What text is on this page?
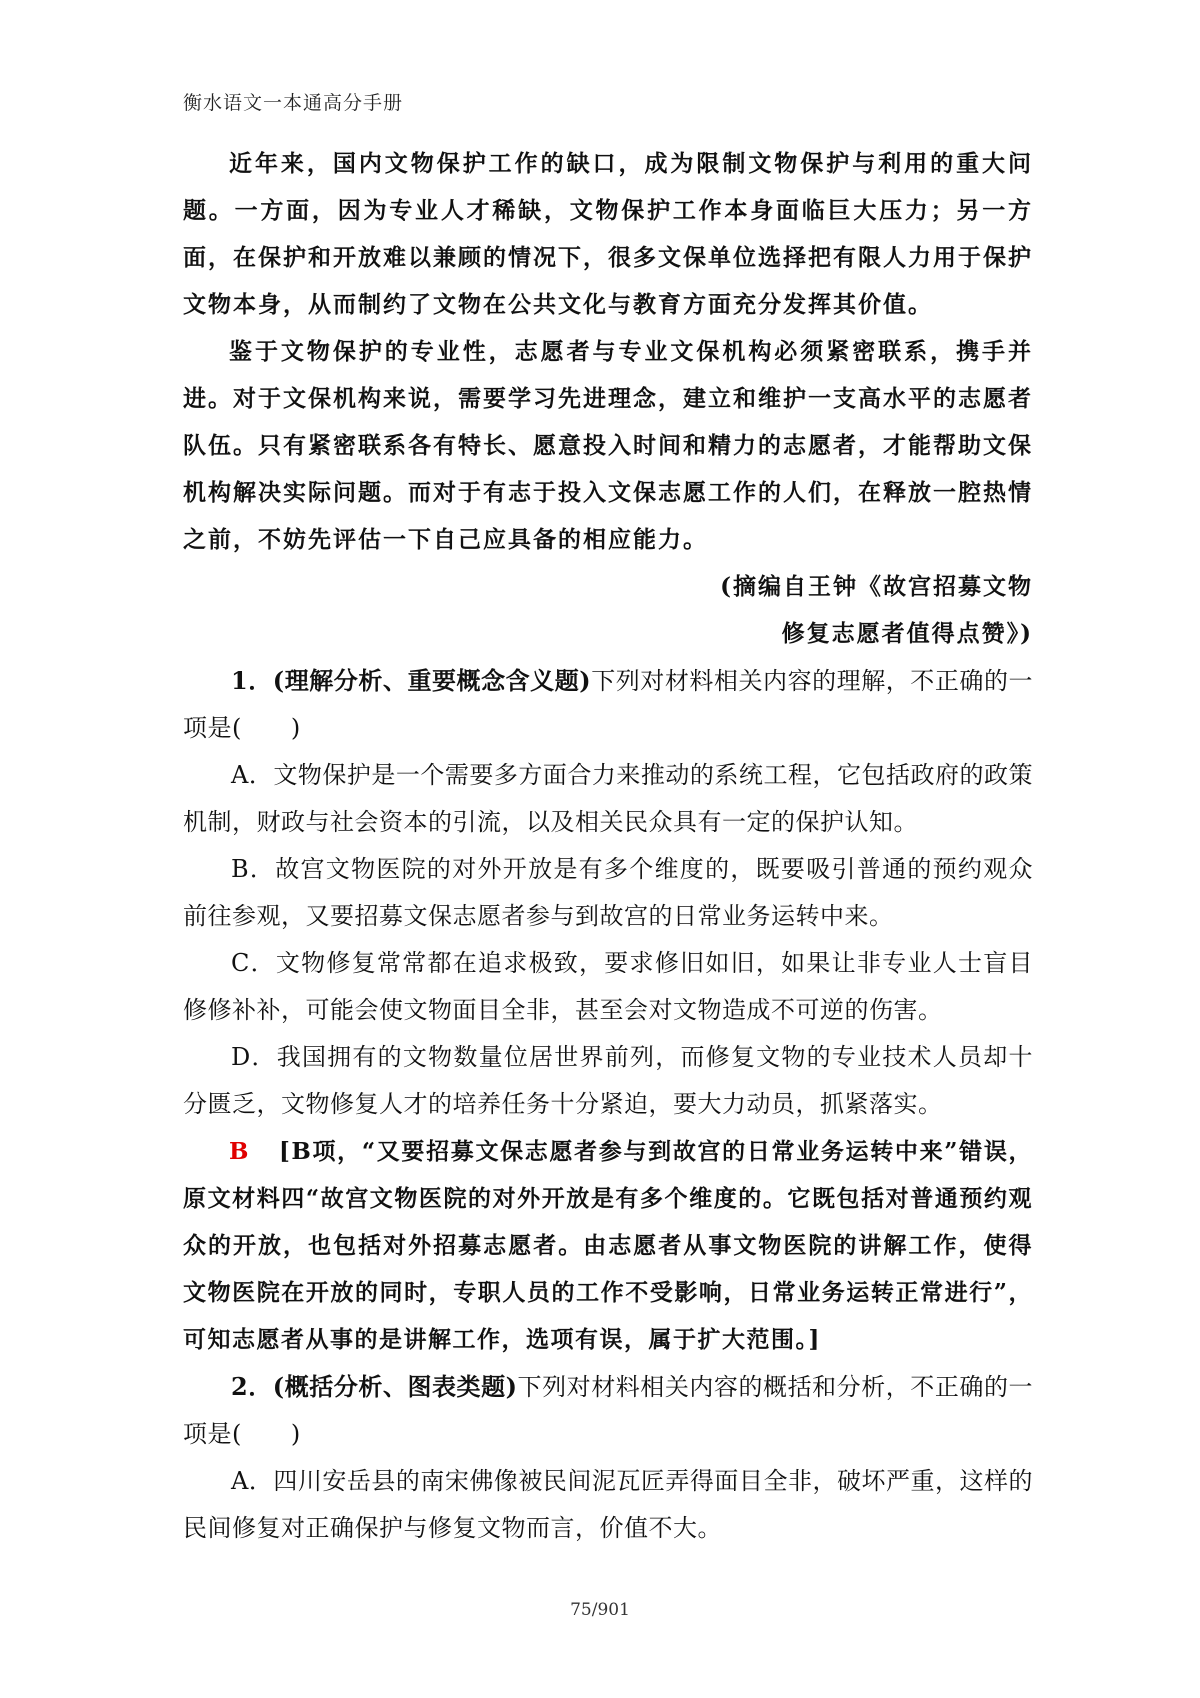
衡水语文一本通高分手册

近年来，国内文物保护工作的缺口，成为限制文物保护与利用的重大问题。一方面，因为专业人才稀缺，文物保护工作本身面临巨大压力；另一方面，在保护和开放难以兼顾的情况下，很多文保单位选择把有限人力用于保护文物本身，从而制约了文物在公共文化与教育方面充分发挥其价值。

鉴于文物保护的专业性，志愿者与专业文保机构必须紧密联系，携手并进。对于文保机构来说，需要学习先进理念，建立和维护一支高水平的志愿者队伍。只有紧密联系各有特长、愿意投入时间和精力的志愿者，才能帮助文保机构解决实际问题。而对于有志于投入文保志愿工作的人们，在释放一腔热情之前，不妨先评估一下自己应具备的相应能力。

(摘编自王钟《故宫招募文物

修复志愿者值得点赞》)

1．(理解分析、重要概念含义题)下列对材料相关内容的理解，不正确的一项是(　　)

A．文物保护是一个需要多方面合力来推动的系统工程，它包括政府的政策机制，财政与社会资本的引流，以及相关民众具有一定的保护认知。

B．故宫文物医院的对外开放是有多个维度的，既要吸引普通的预约观众前往参观，又要招募文保志愿者参与到故宫的日常业务运转中来。

C．文物修复常常都在追求极致，要求修旧如旧，如果让非专业人士盲目修修补补，可能会使文物面目全非，甚至会对文物造成不可逆的伤害。

D．我国拥有的文物数量位居世界前列，而修复文物的专业技术人员却十分匮乏，文物修复人才的培养任务十分紧迫，要大力动员，抓紧落实。

B [B项，“又要招募文保志愿者参与到故宫的日常业务运转中来”错误，原文材料四“故宫文物医院的对外开放是有多个维度的。它既包括对普通预约观众的开放，也包括对外招募志愿者。由志愿者从事文物医院的讲解工作，使得文物医院在开放的同时，专职人员的工作不受影响，日常业务运转正常进行”，可知志愿者从事的是讲解工作，选项有误，属于扩大范围。]

2．(概括分析、图表类题)下列对材料相关内容的概括和分析，不正确的一项是(　　)

A．四川安岳县的南宋佛像被民间泥瓦匠弄得面目全非，破坏严重，这样的民间修复对正确保护与修复文物而言，价值不大。

75/901
